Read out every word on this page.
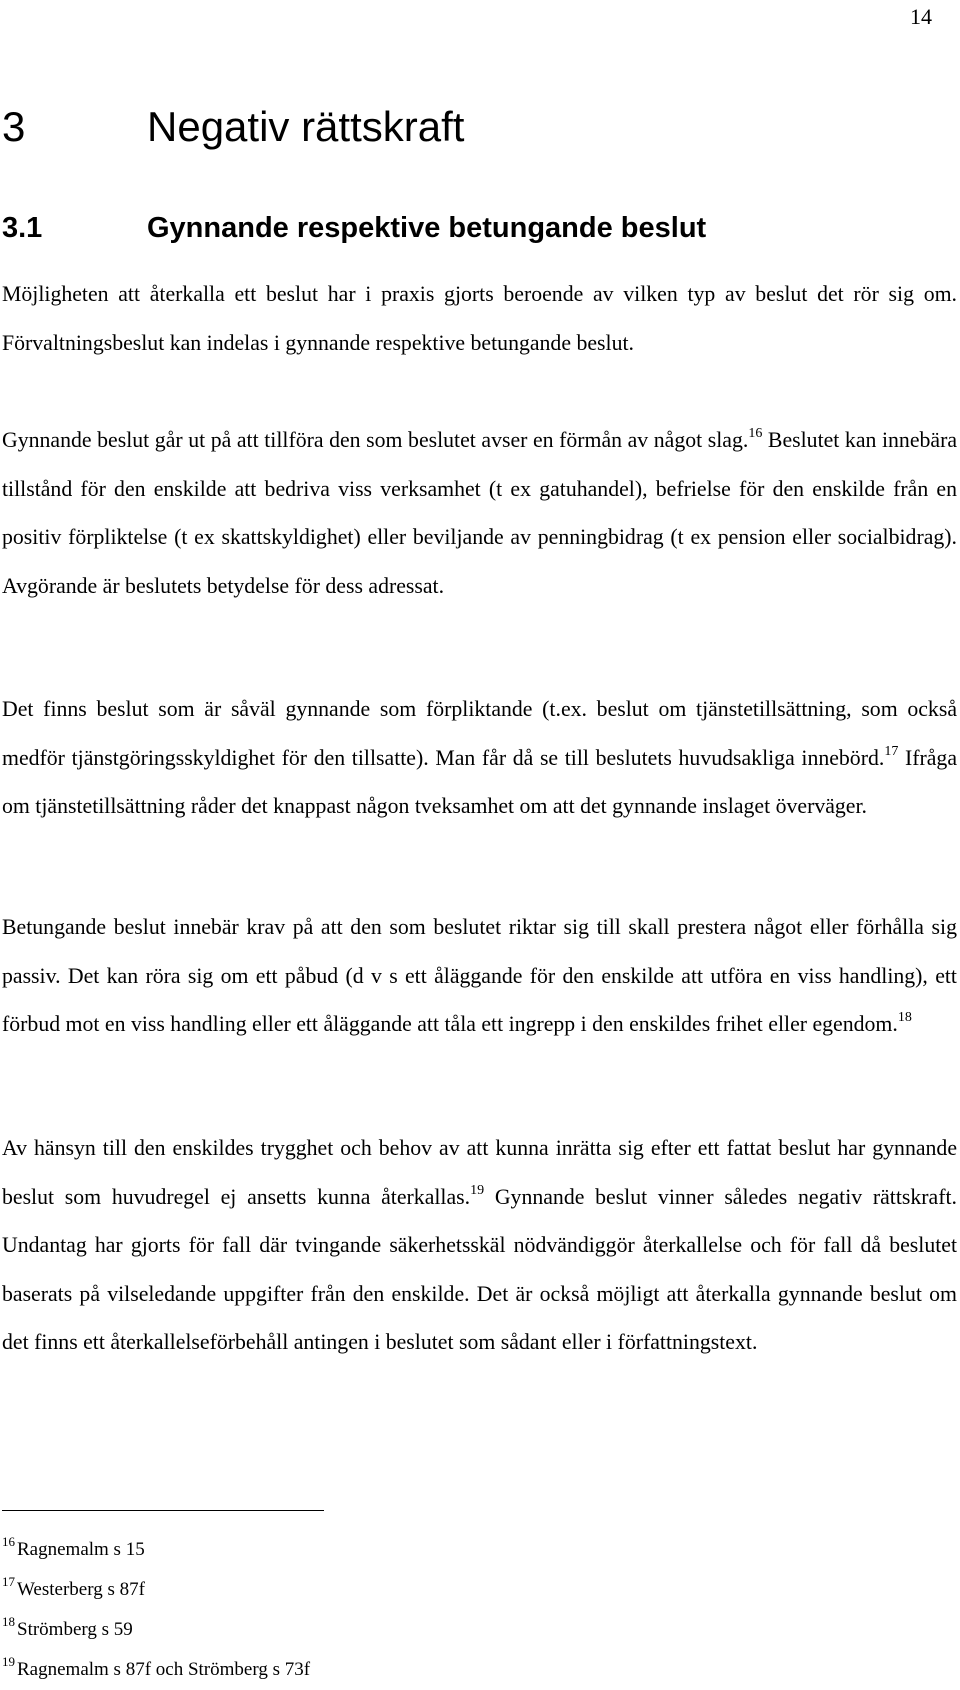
14
3	Negativ rättskraft
3.1	Gynnande respektive betungande beslut

Möjligheten att återkalla ett beslut har i praxis gjorts beroende av vilken typ av beslut det rör sig om. Förvaltningsbeslut kan indelas i gynnande respektive betungande beslut.

Gynnande beslut går ut på att tillföra den som beslutet avser en förmån av något slag.$^{16}$ Beslutet kan innebära tillstånd för den enskilde att bedriva viss verksamhet (t ex gatuhandel), befrielse för den enskilde från en positiv förpliktelse (t ex skattskyldighet) eller beviljande av penningbidrag (t ex pension eller socialbidrag). Avgörande är beslutets betydelse för dess adressat.

Det finns beslut som är såväl gynnande som förpliktande (t.ex. beslut om tjänstetillsättning, som också medför tjänstgöringsskyldighet för den tillsatte). Man får då se till beslutets huvudsakliga innebörd.$^{17}$ Ifråga om tjänstetillsättning råder det knappast någon tveksamhet om att det gynnande inslaget överväger.

Betungande beslut innebär krav på att den som beslutet riktar sig till skall prestera något eller förhålla sig passiv. Det kan röra sig om ett påbud (d v s ett åläggande för den enskilde att utföra en viss handling), ett förbud mot en viss handling eller ett åläggande att tåla ett ingrepp i den enskildes frihet eller egendom.$^{18}$

Av hänsyn till den enskildes trygghet och behov av att kunna inrätta sig efter ett fattat beslut har gynnande beslut som huvudregel ej ansetts kunna återkallas.$^{19}$ Gynnande beslut vinner således negativ rättskraft. Undantag har gjorts för fall där tvingande säkerhetsskäl nödvändiggör återkallelse och för fall då beslutet baserats på vilseledande uppgifter från den enskilde. Det är också möjligt att återkalla gynnande beslut om det finns ett återkallelseförbehåll antingen i beslutet som sådant eller i författningstext.

$^{16}$ Ragnemalm s 15
$^{17}$ Westerberg s 87f
$^{18}$ Strömberg s 59
$^{19}$ Ragnemalm s 87f och Strömberg s 73f
